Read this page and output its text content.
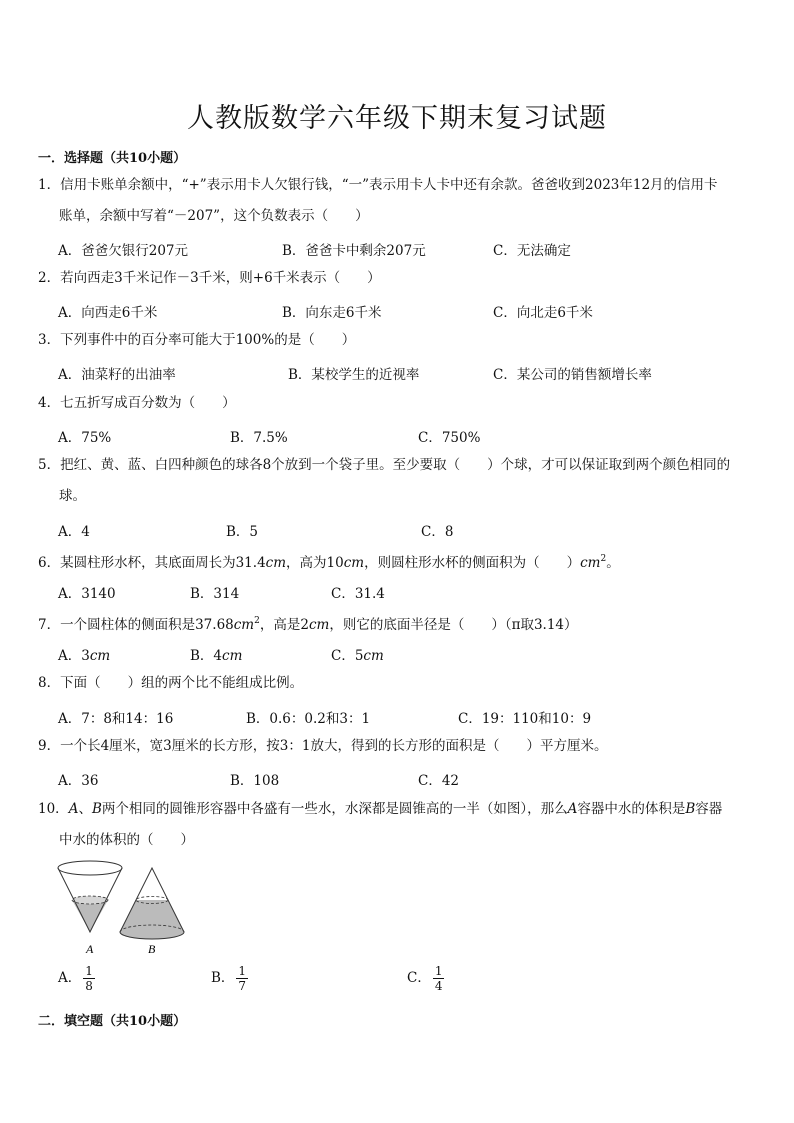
人教版数学六年级下期末复习试题
一．选择题（共10小题）
1．信用卡账单余额中，“+”表示用卡人欠银行钱，“一”表示用卡人卡中还有余款。爸爸收到2023年12月的信用卡
账单，余额中写着“－207”，这个负数表示（　　）
A．爸爸欠银行207元	B．爸爸卡中剩余207元	C．无法确定
2．若向西走3千米记作－3千米，则+6千米表示（　　）
A．向西走6千米	B．向东走6千米	C．向北走6千米
3．下列事件中的百分率可能大于100%的是（　　）
A．油菜籽的出油率	B．某校学生的近视率	C．某公司的销售额增长率
4．七五折写成百分数为（　　）
A．75%	B．7.5%	C．750%
5．把红、黄、蓝、白四种颜色的球各8个放到一个袋子里。至少要取（　　）个球，才可以保证取到两个颜色相同的
球。
A．4	B．5	C．8
6．某圆柱形水杯，其底面周长为31.4cm，高为10cm，则圆柱形水杯的侧面积为（　　）$cm^2$。
A．3140	B．314	C．31.4
7．一个圆柱体的侧面积是$37.68cm^2$，高是2cm，则它的底面半径是（　　）（π取3.14）
A．3cm	B．4cm	C．5cm
8．下面（　　）组的两个比不能组成比例。
A．7：8和14：16	B．0.6：0.2和3：1	C．19：110和10：9
9．一个长4厘米，宽3厘米的长方形，按3：1放大，得到的长方形的面积是（　　）平方厘米。
A．36	B．108	C．42
10．A、B两个相同的圆锥形容器中各盛有一些水，水深都是圆锥高的一半（如图），那么A容器中水的体积是B容器
中水的体积的（　　）
A	B
A． $\frac{1}{8}$	B． $\frac{1}{7}$	C． $\frac{1}{4}$
二．填空题（共10小题）
